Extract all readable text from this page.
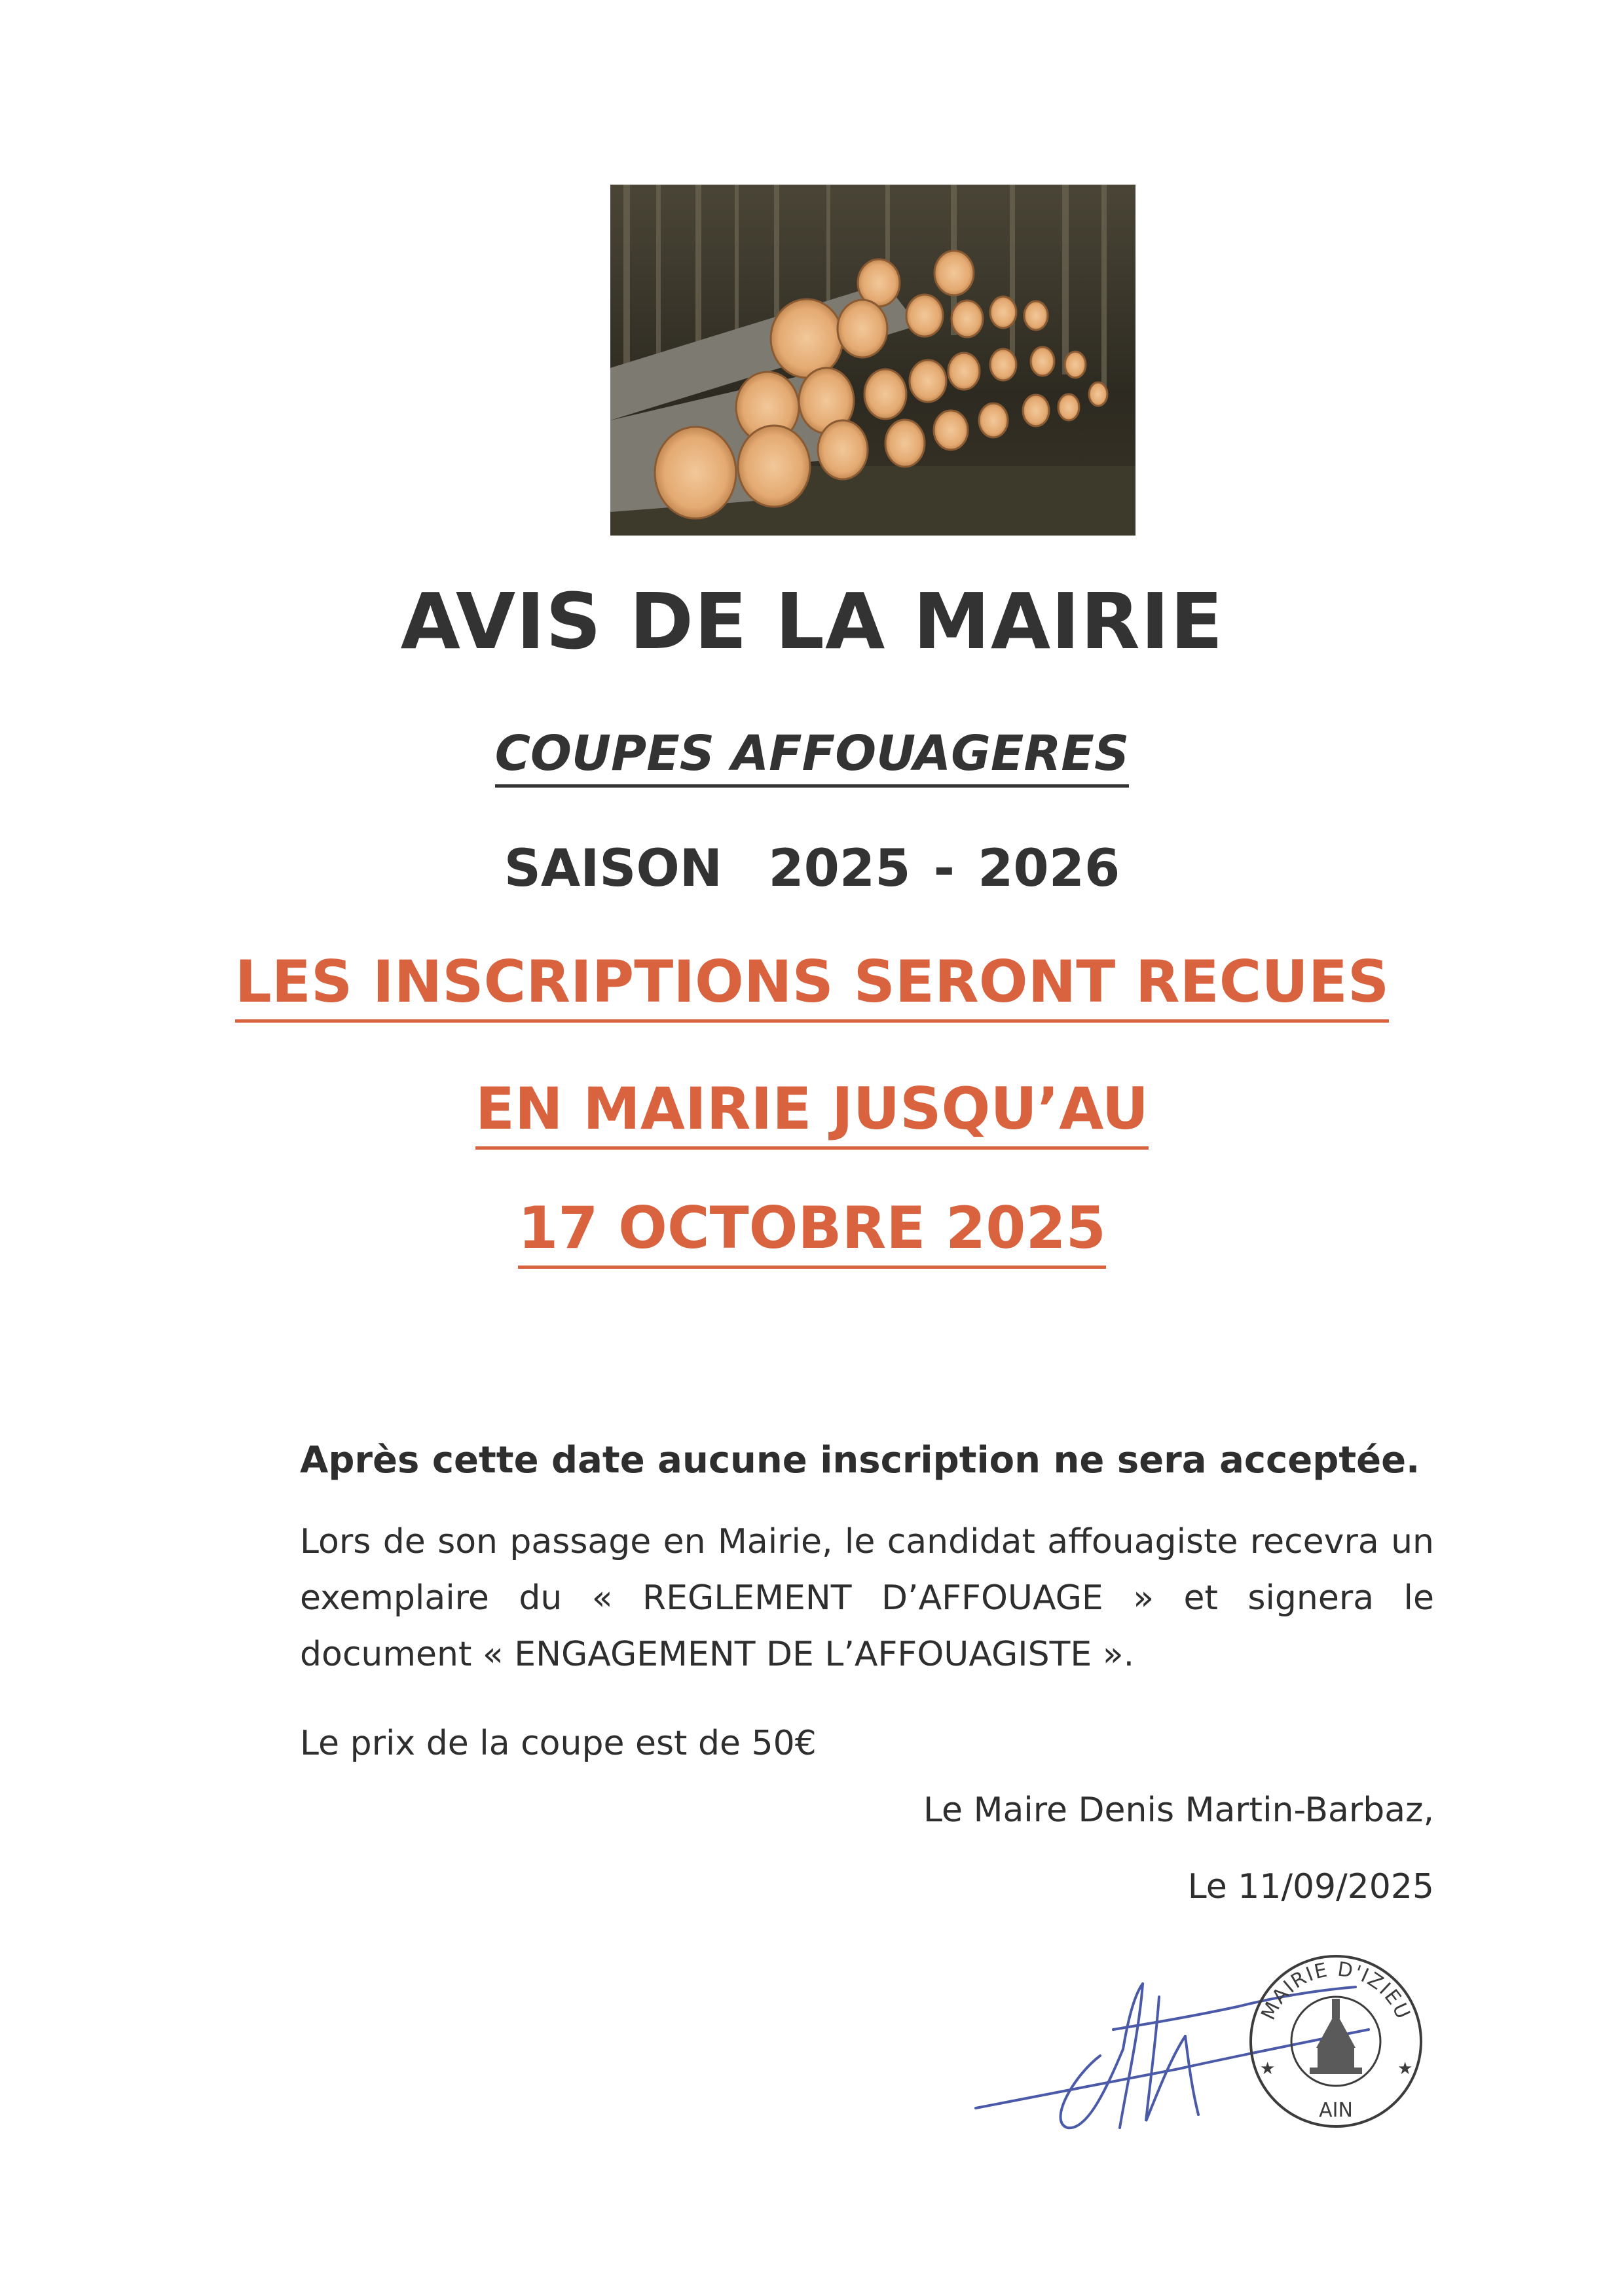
AVIS DE LA MAIRIE
COUPES AFFOUAGERES
SAISON  2025 - 2026
LES INSCRIPTIONS SERONT RECUES
EN MAIRIE JUSQU’AU
17 OCTOBRE 2025
Après cette date aucune inscription ne sera acceptée.
Lors de son passage en Mairie, le candidat affouagiste recevra un exemplaire du « REGLEMENT D’AFFOUAGE » et signera le document « ENGAGEMENT DE L’AFFOUAGISTE ».
Le prix de la coupe est de 50€
Le Maire Denis Martin-Barbaz,
Le 11/09/2025
MAIRIE D'IZIEU
AIN
★	★
